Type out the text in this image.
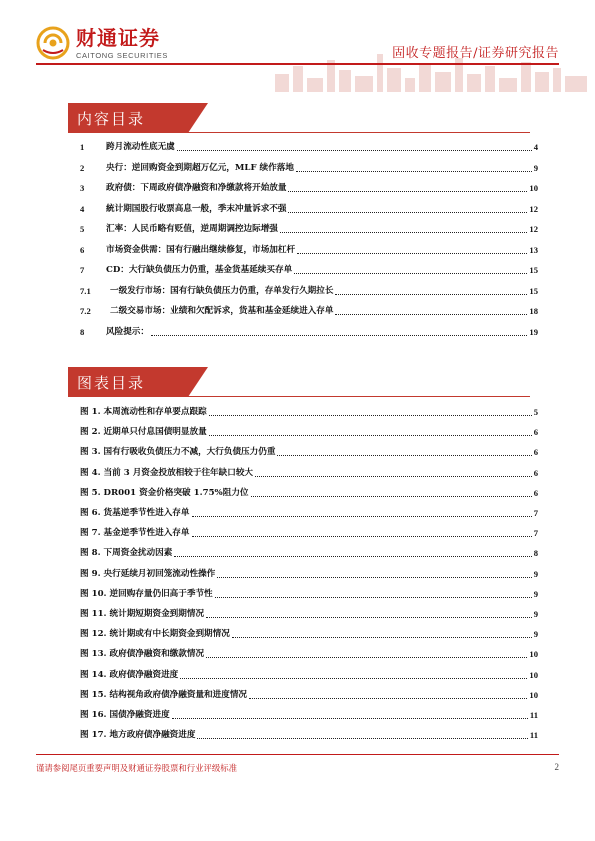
财通证券
CAITONG SECURITIES	固收专题报告/证券研究报告
内容目录
1	跨月流动性底无虞	4
2	央行：逆回购资金到期超万亿元，MLF 续作落地	9
3	政府债：下周政府债净融资和净缴款将开始放量	10
4	統计期国股行收票高息一般，季末冲量诉求不强	12
5	汇率：人民币略有贬值，逆周期调控边际增强	12
6	市场资金供需：国有行融出继续修复，市场加杠杆	13
7	CD：大行缺负债压力仍重，基金货基延续买存单	15
7.1	一级发行市场：国有行缺负债压力仍重，存单发行久期拉长	15
7.2	二级交易市场：业绩和欠配诉求，货基和基金延续进入存单	18
8	风险提示：	19
图表目录
图 1. 本周流动性和存单要点跟踪	5
图 2. 近期单只付息国债明显放量	6
图 3. 国有行吸收负债压力不减，大行负债压力仍重	6
图 4. 当前 3 月资金投放相较于往年缺口较大	6
图 5. DR001 资金价格突破 1.75%阻力位	6
图 6. 货基逆季节性进入存单	7
图 7. 基金逆季节性进入存单	7
图 8. 下周资金扰动因素	8
图 9. 央行延续月初回笼流动性操作	9
图 10. 逆回购存量仍旧高于季节性	9
图 11. 统计期短期资金到期情况	9
图 12. 统计期或有中长期资金到期情况	9
图 13. 政府债净融资和缴款情况	10
图 14. 政府债净融资进度	10
图 15. 结构视角政府债净融资量和进度情况	10
图 16. 国债净融资进度	11
图 17. 地方政府债净融资进度	11
谨请参阅尾页重要声明及财通证券股票和行业评级标准	2
